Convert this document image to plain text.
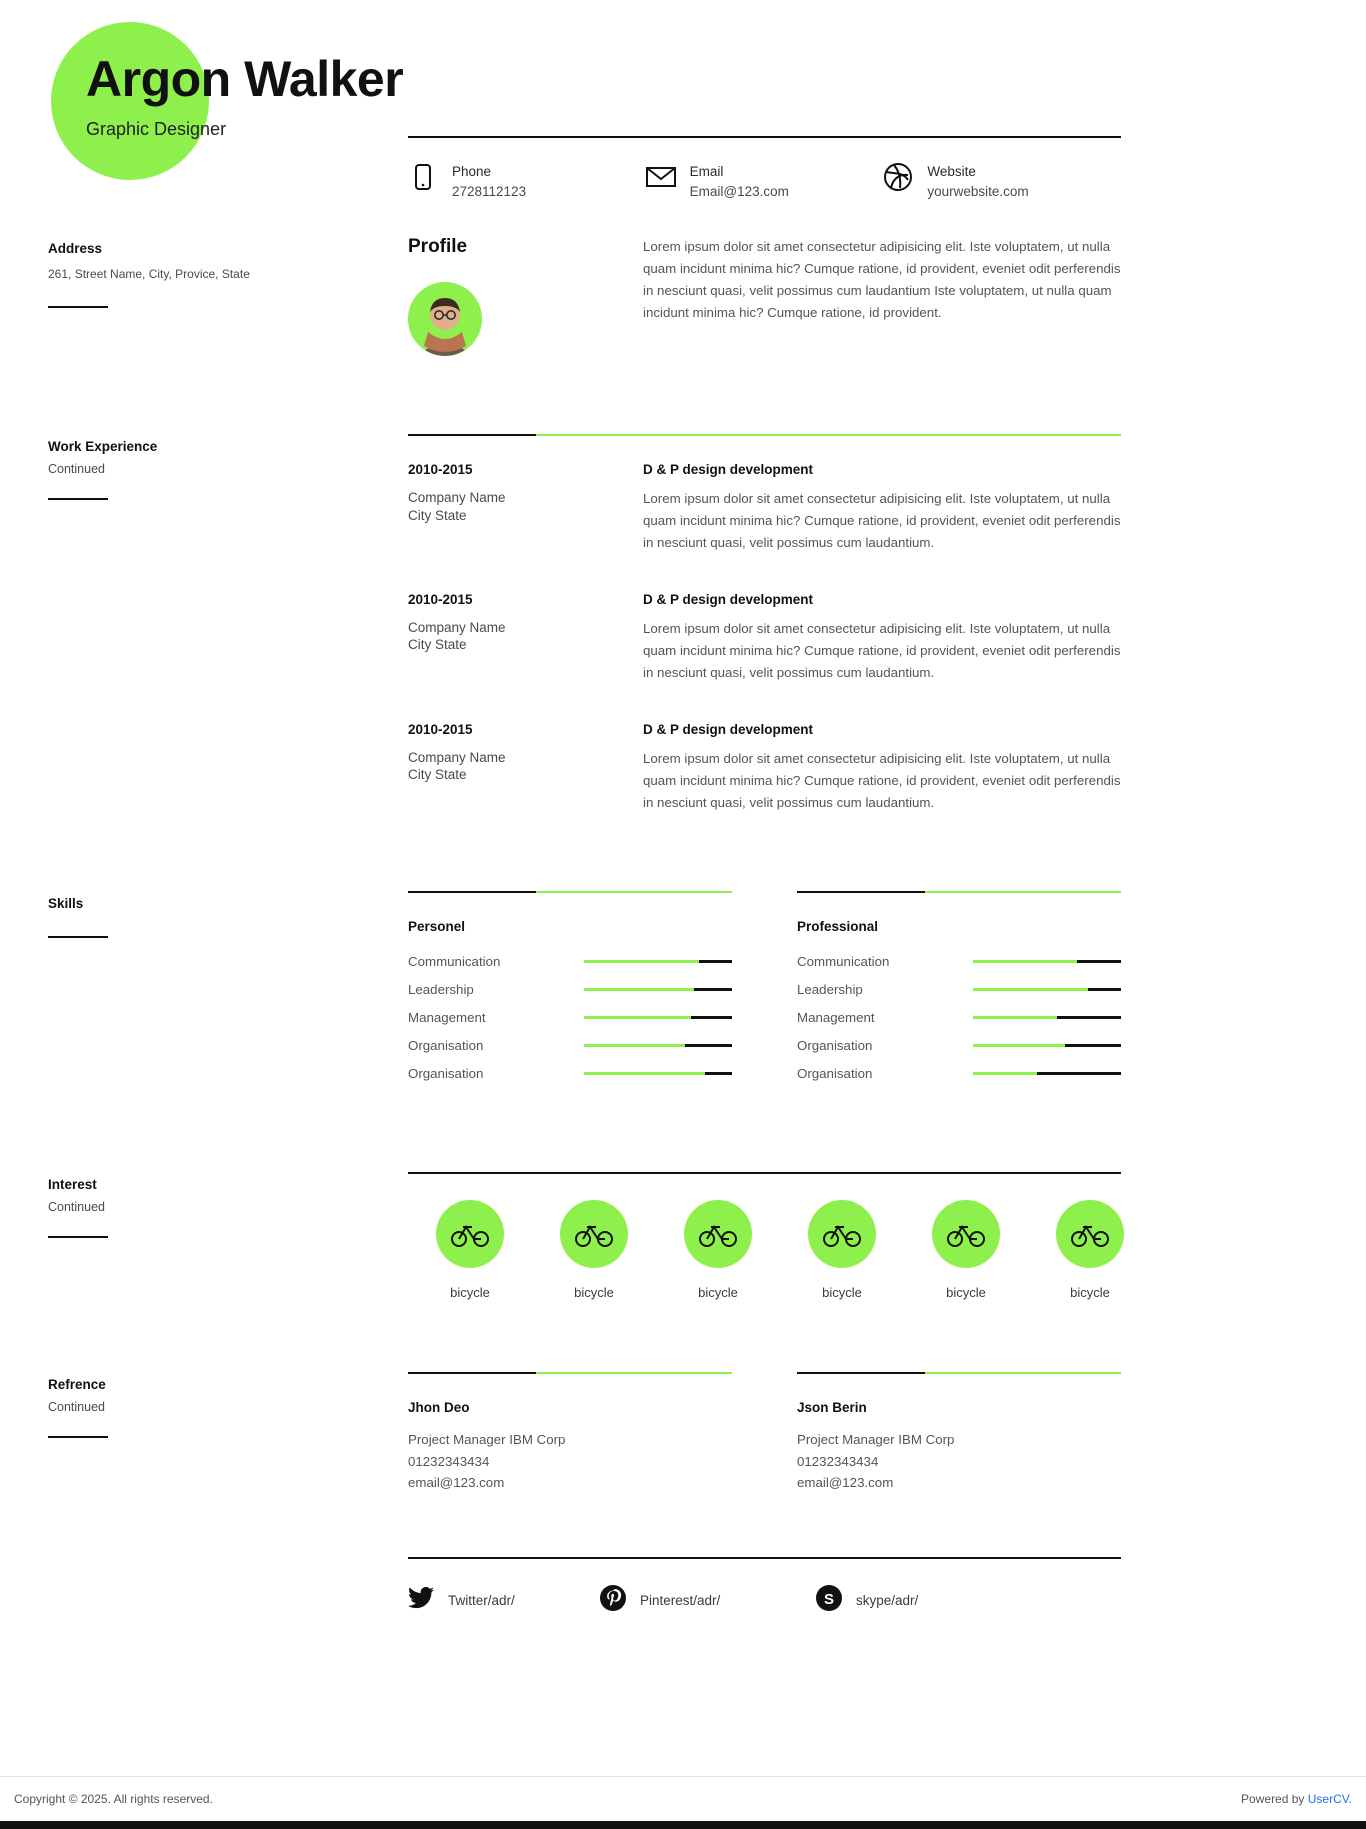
Argon Walker
Graphic Designer
Phone
2728112123
Email
Email@123.com
Website
yourwebsite.com
Address
261, Street Name, City, Provice, State
Profile	Lorem ipsum dolor sit amet consectetur adipisicing elit. Iste voluptatem, ut nulla quam incidunt minima hic? Cumque ratione, id provident, eveniet odit perferendis in nesciunt quasi, velit possimus cum laudantium Iste voluptatem, ut nulla quam incidunt minima hic? Cumque ratione, id provident.
Work Experience
Continued	2010-2015
Company Name
City State
D & P design development
Lorem ipsum dolor sit amet consectetur adipisicing elit. Iste voluptatem, ut nulla quam incidunt minima hic? Cumque ratione, id provident, eveniet odit perferendis in nesciunt quasi, velit possimus cum laudantium.
2010-2015
Company Name
City State
D & P design development
Lorem ipsum dolor sit amet consectetur adipisicing elit. Iste voluptatem, ut nulla quam incidunt minima hic? Cumque ratione, id provident, eveniet odit perferendis in nesciunt quasi, velit possimus cum laudantium.
2010-2015
Company Name
City State
D & P design development
Lorem ipsum dolor sit amet consectetur adipisicing elit. Iste voluptatem, ut nulla quam incidunt minima hic? Cumque ratione, id provident, eveniet odit perferendis in nesciunt quasi, velit possimus cum laudantium.
Skills
Personel
Communication
Leadership
Management
Organisation
Organisation
Professional
Communication
Leadership
Management
Organisation
Organisation
Interest
Continued
bicycle	bicycle	bicycle	bicycle	bicycle	bicycle
Refrence
Continued	Jhon Deo
Project Manager IBM Corp
01232343434
email@123.com
Json Berin
Project Manager IBM Corp
01232343434
email@123.com
Twitter/adr/	Pinterest/adr/	S skype/adr/
Copyright © 2025. All rights reserved.	Powered by UserCV.
